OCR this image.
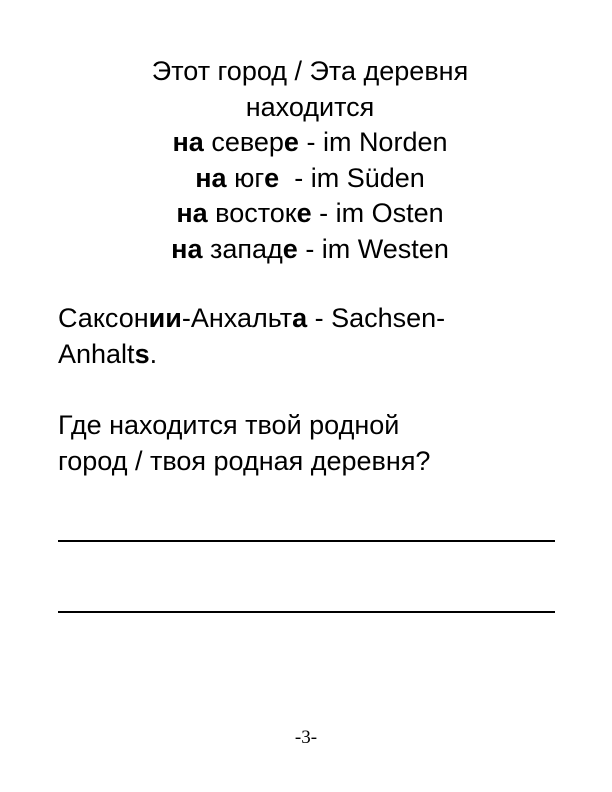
Этот город / Эта деревня
находится
на севере - im Norden
на юге  - im Süden
на востоке - im Osten
на западе - im Westen
Саксонии-Анхальта - Sachsen-
Anhalts.
Где находится твой родной
город / твоя родная деревня?
-3-
